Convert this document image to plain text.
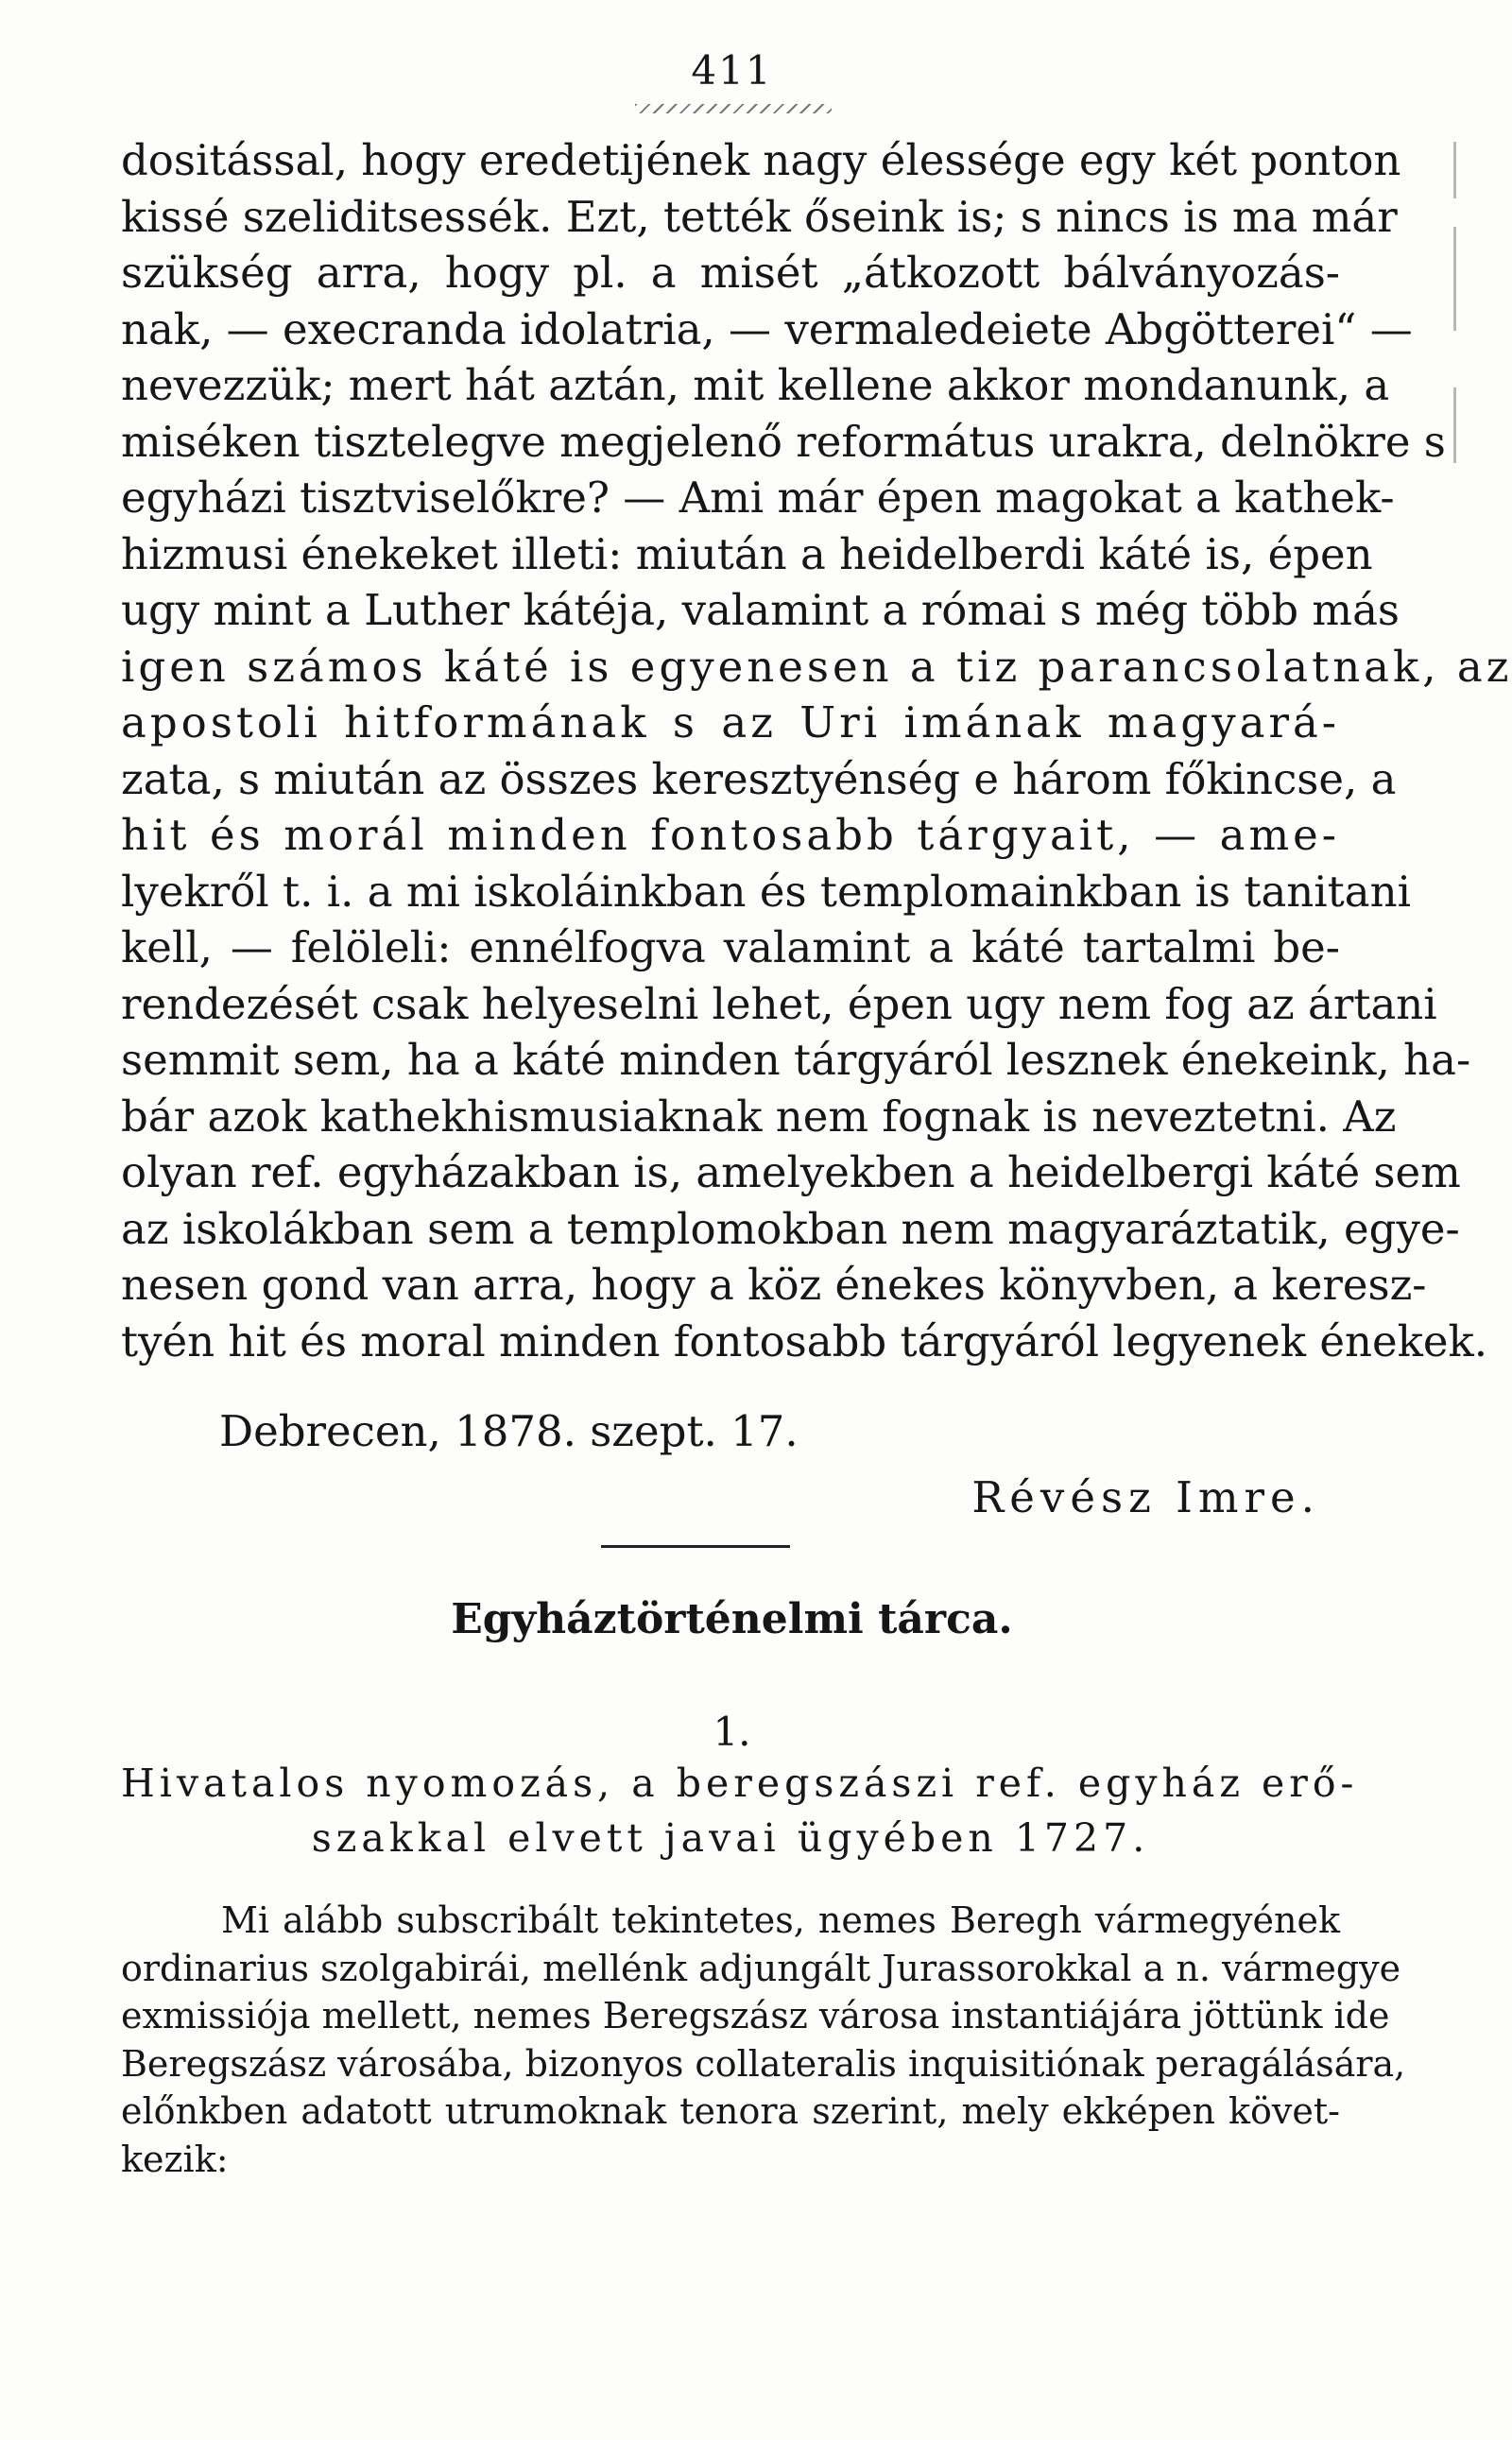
411

dositással, hogy eredetijének nagy élessége egy két ponton
kissé szeliditsessék. Ezt, tették őseink is; s nincs is ma már
szükség arra, hogy pl. a misét „átkozott bálványozás-
nak, — execranda idolatria, — vermaledeiete Abgötterei“ —
nevezzük; mert hát aztán, mit kellene akkor mondanunk, a
miséken tisztelegve megjelenő református urakra, delnökre s
egyházi tisztviselőkre? — Ami már épen magokat a kathek-
hizmusi énekeket illeti: miután a heidelberdi káté is, épen
ugy mint a Luther kátéja, valamint a római s még több más
igen számos káté is egyenesen a tiz parancsolatnak, az
apostoli hitformának s az Uri imának magyará-
zata, s miután az összes keresztyénség e három főkincse, a
hit és morál minden fontosabb tárgyait, — ame-
lyekről t. i. a mi iskoláinkban és templomainkban is tanitani
kell, — felöleli: ennélfogva valamint a káté tartalmi be-
rendezését csak helyeselni lehet, épen ugy nem fog az ártani
semmit sem, ha a káté minden tárgyáról lesznek énekeink, ha-
bár azok kathekhismusiaknak nem fognak is neveztetni. Az
olyan ref. egyházakban is, amelyekben a heidelbergi káté sem
az iskolákban sem a templomokban nem magyaráztatik, egye-
nesen gond van arra, hogy a köz énekes könyvben, a keresz-
tyén hit és moral minden fontosabb tárgyáról legyenek énekek.

Debrecen, 1878. szept. 17.
Révész Imre.
Egyháztörténelmi tárca.
1.

Hivatalos nyomozás, a beregszászi ref. egyház erő-
szakkal elvett javai ügyében 1727.

Mi alább subscribált tekintetes, nemes Beregh vármegyének
ordinarius szolgabirái, mellénk adjungált Jurassorokkal a n. vármegye
exmissiója mellett, nemes Beregszász városa instantiájára jöttünk ide
Beregszász városába, bizonyos collateralis inquisitiónak peragálására,
előnkben adatott utrumoknak tenora szerint, mely ekképen követ-
kezik:
